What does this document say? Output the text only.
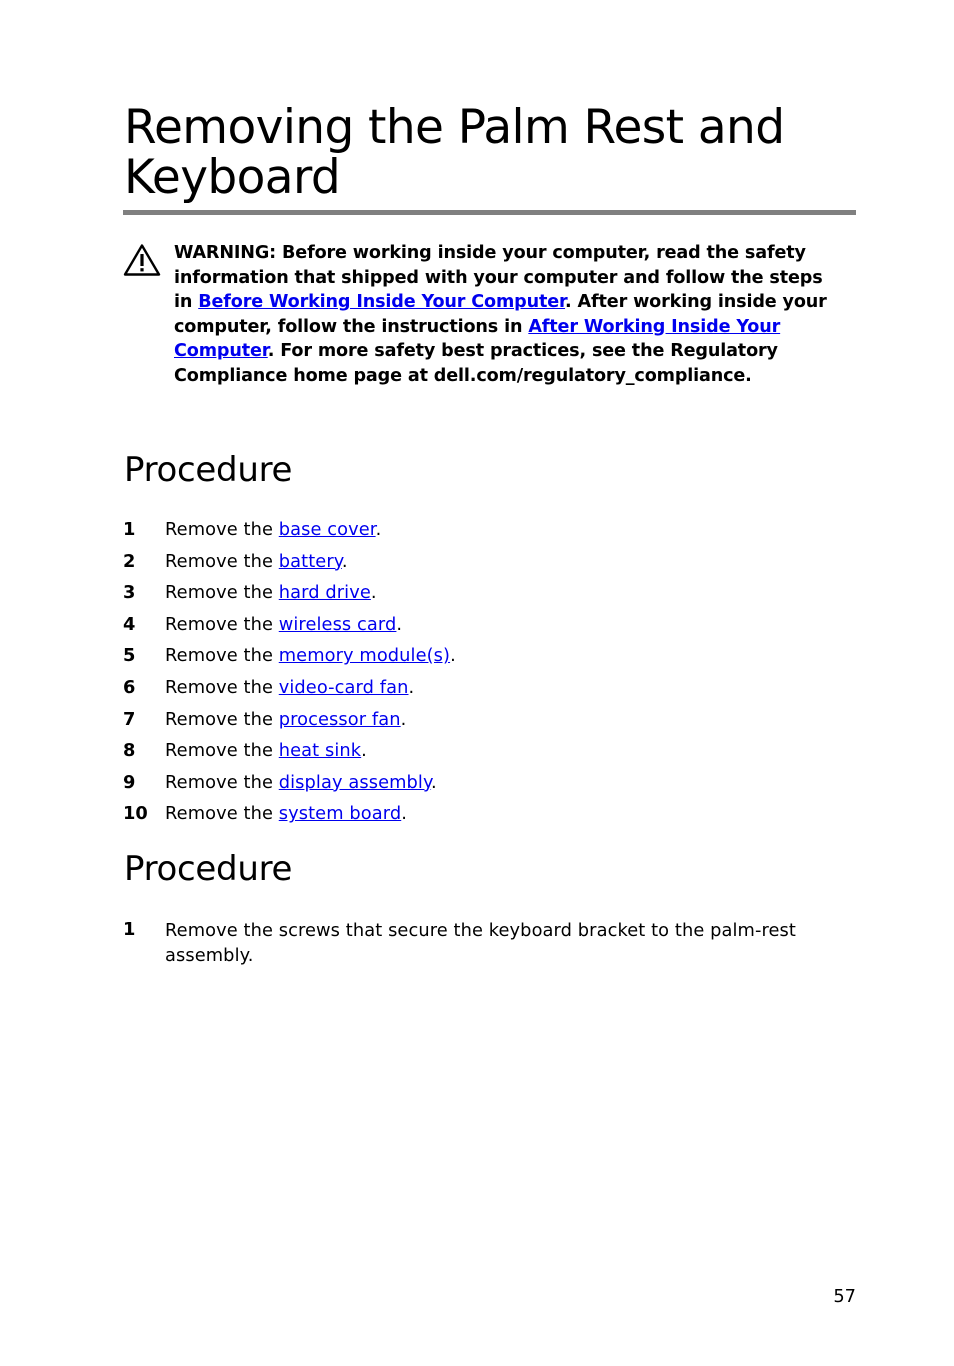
Removing the Palm Rest and Keyboard
WARNING: Before working inside your computer, read the safety information that shipped with your computer and follow the steps in Before Working Inside Your Computer. After working inside your computer, follow the instructions in After Working Inside Your Computer. For more safety best practices, see the Regulatory Compliance home page at dell.com/regulatory_compliance.
Procedure
1 Remove the base cover.
2 Remove the battery.
3 Remove the hard drive.
4 Remove the wireless card.
5 Remove the memory module(s).
6 Remove the video-card fan.
7 Remove the processor fan.
8 Remove the heat sink.
9 Remove the display assembly.
10 Remove the system board.
Procedure
1 Remove the screws that secure the keyboard bracket to the palm-rest assembly.
57
